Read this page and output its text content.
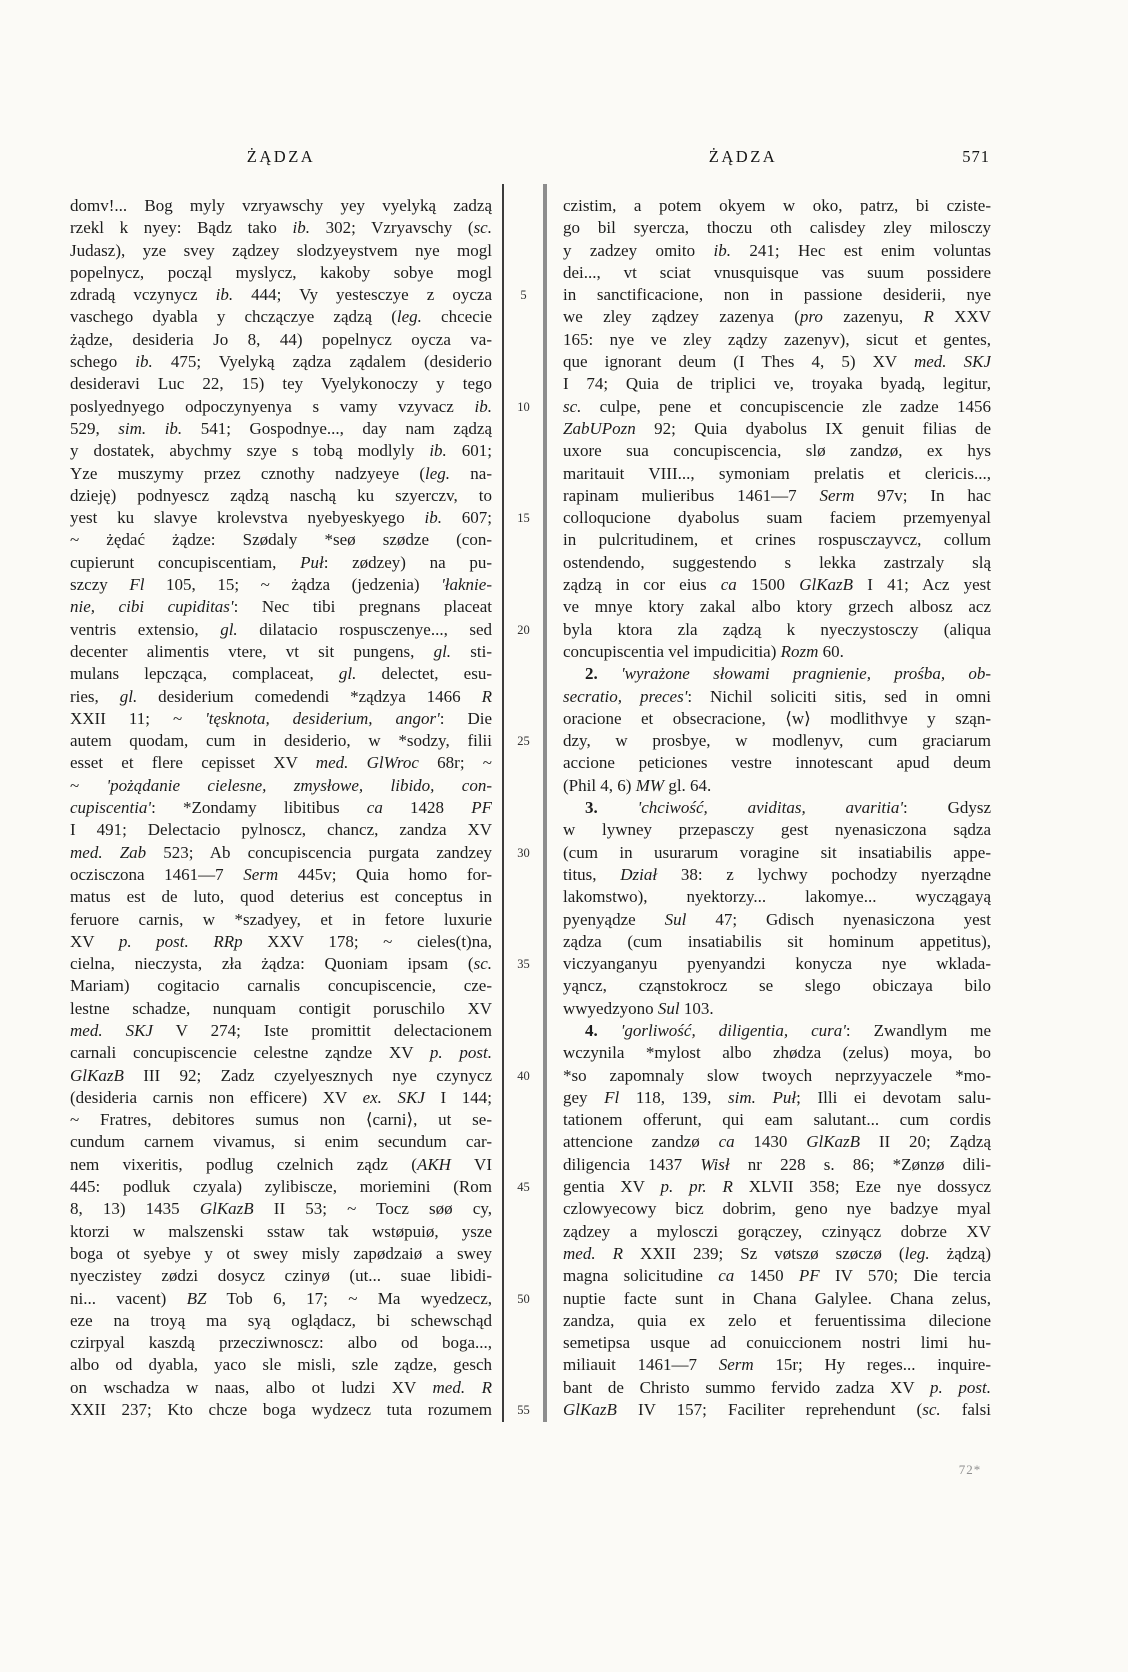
ŻĄDZA	ŻĄDZA	571
domv!... Bog myly vzryawschy yey vyelyką zadzą
rzekl k nyey: Bądz tako ib. 302; Vzryavschy (sc.
Judasz), yze svey ządzey slodzyeystvem nye mogl
popelnycz, począl myslycz, kakoby sobye mogl
zdradą vczynycz ib. 444; Vy yestesczye z oycza
vaschego dyabla y chczączye ządzą (leg. chcecie
żądze, desideria Jo 8, 44) popelnycz oycza va-
schego ib. 475; Vyelyką ządza ządalem (desiderio
desideravi Luc 22, 15) tey Vyelykonoczy y tego
poslyednyego odpoczynyenya s vamy vzyvacz ib.
529, sim. ib. 541; Gospodnye..., day nam ządzą
y dostatek, abychmy szye s tobą modlyly ib. 601;
Yze muszymy przez cznothy nadzyeye (leg. na-
dzieję) podnyescz ządzą naschą ku szyerczv, to
yest ku slavye krolevstva nyebyeskyego ib. 607;
~ żędać żądze: Szødaly *seø szødze (con-
cupierunt concupiscentiam, Puł: zødzey) na pu-
szczy Fl 105, 15; ~ żądza (jedzenia) 'łaknie-
nie, cibi cupiditas': Nec tibi pregnans placeat
ventris extensio, gl. dilatacio rospusczenye..., sed
decenter alimentis vtere, vt sit pungens, gl. sti-
mulans lepcząca, complaceat, gl. delectet, esu-
ries, gl. desiderium comedendi *ządzya 1466 R
XXII 11; ~ 'tęsknota, desiderium, angor': Die
autem quodam, cum in desiderio, w *sodzy, filii
esset et flere cepisset XV med. GlWroc 68r; ~
~ 'pożądanie cielesne, zmysłowe, libido, con-
cupiscentia': *Zondamy libitibus ca 1428 PF
I 491; Delectacio pylnoscz, chancz, zandza XV
med. Zab 523; Ab concupiscencia purgata zandzey
oczisczona 1461—7 Serm 445v; Quia homo for-
matus est de luto, quod deterius est conceptus in
feruore carnis, w *szadyey, et in fetore luxurie
XV p. post. RRp XXV 178; ~ cieles(t)na,
cielna, nieczysta, zła żądza: Quoniam ipsam (sc.
Mariam) cogitacio carnalis concupiscencie, cze-
lestne schadze, nunquam contigit poruschilo XV
med. SKJ V 274; Iste promittit delectacionem
carnali concupiscencie celestne ząndze XV p. post.
GlKazB III 92; Zadz czyelyesznych nye czynycz
(desideria carnis non efficere) XV ex. SKJ I 144;
~ Fratres, debitores sumus non ⟨carni⟩, ut se-
cundum carnem vivamus, si enim secundum car-
nem vixeritis, podlug czelnich ządz (AKH VI
445: podluk czyala) zylibiscze, moriemini (Rom
8, 13) 1435 GlKazB II 53; ~ Tocz søø cy,
ktorzi w malszenski sstaw tak wstøpuiø, ysze
boga ot syebye y ot swey misly zapødzaiø a swey
nyeczistey zødzi dosycz czinyø (ut... suae libidi-
ni... vacent) BZ Tob 6, 17; ~ Ma wyedzecz,
eze na troyą ma syą oglądacz, bi schewschąd
czirpyal kaszdą przecziwnoscz: albo od boga...,
albo od dyabla, yaco sle misli, szle ządze, gesch
on wschadza w naas, albo ot ludzi XV med. R
XXII 237; Kto chcze boga wydzecz tuta rozumem
5
10
15
20
25
30
35
40
45
50
55
czistim, a potem okyem w oko, patrz, bi cziste-
go bil syercza, thoczu oth calisdey zley milosczy
y zadzey omito ib. 241; Hec est enim voluntas
dei..., vt sciat vnusquisque vas suum possidere
in sanctificacione, non in passione desiderii, nye
we zley ządzey zazenya (pro zazenyu, R XXV
165: nye ve zley ządzy zazenyv), sicut et gentes,
que ignorant deum (I Thes 4, 5) XV med. SKJ
I 74; Quia de triplici ve, troyaka byadą, legitur,
sc. culpe, pene et concupiscencie zle zadze 1456
ZabUPozn 92; Quia dyabolus IX genuit filias de
uxore sua concupiscencia, slø zandzø, ex hys
maritauit VIII..., symoniam prelatis et clericis...,
rapinam mulieribus 1461—7 Serm 97v; In hac
colloqucione dyabolus suam faciem przemyenyal
in pulcritudinem, et crines rospusczayvcz, collum
ostendendo, suggestendo s lekka zastrzaly slą
ządzą in cor eius ca 1500 GlKazB I 41; Acz yest
ve mnye ktory zakal albo ktory grzech albosz acz
byla ktora zla ządzą k nyeczystosczy (aliqua
concupiscentia vel impudicitia) Rozm 60.
2. 'wyrażone słowami pragnienie, prośba, ob-
secratio, preces': Nichil soliciti sitis, sed in omni
oracione et obsecracione, ⟨w⟩ modlithvye y sząn-
dzy, w prosbye, w modlenyv, cum graciarum
accione peticiones vestre innotescant apud deum
(Phil 4, 6) MW gl. 64.
3. 'chciwość, aviditas, avaritia': Gdysz
w lywney przepasczy gest nyenasiczona sądza
(cum in usurarum voragine sit insatiabilis appe-
titus, Dział 38: z lychwy pochodzy nyerządne
lakomstwo), nyektorzy... lakomye... wyczągayą
pyenyądze Sul 47; Gdisch nyenasiczona yest
ządza (cum insatiabilis sit hominum appetitus),
viczyanganyu pyenyandzi konycza nye wklada-
yąncz, cząnstokrocz se slego obiczaya bilo
wwyedzyono Sul 103.
4. 'gorliwość, diligentia, cura': Zwandlym me
wczynila *mylost albo zhødza (zelus) moya, bo
*so zapomnaly slow twoych neprzyyaczele *mo-
gey Fl 118, 139, sim. Puł; Illi ei devotam salu-
tationem offerunt, qui eam salutant... cum cordis
attencione zandzø ca 1430 GlKazB II 20; Ządzą
diligencia 1437 Wisł nr 228 s. 86; *Zønzø dili-
gentia XV p. pr. R XLVII 358; Eze nye dossycz
czlowyecowy bicz dobrim, geno nye badzye myal
ządzey a mylosczi gorączey, czinyącz dobrze XV
med. R XXII 239; Sz vøtszø szøczø (leg. żądzą)
magna solicitudine ca 1450 PF IV 570; Die tercia
nuptie facte sunt in Chana Galylee. Chana zelus,
zandza, quia ex zelo et feruentissima dilecione
semetipsa usque ad conuiccionem nostri limi hu-
miliauit 1461—7 Serm 15r; Hy reges... inquire-
bant de Christo summo fervido zadza XV p. post.
GlKazB IV 157; Faciliter reprehendunt (sc. falsi
72*
